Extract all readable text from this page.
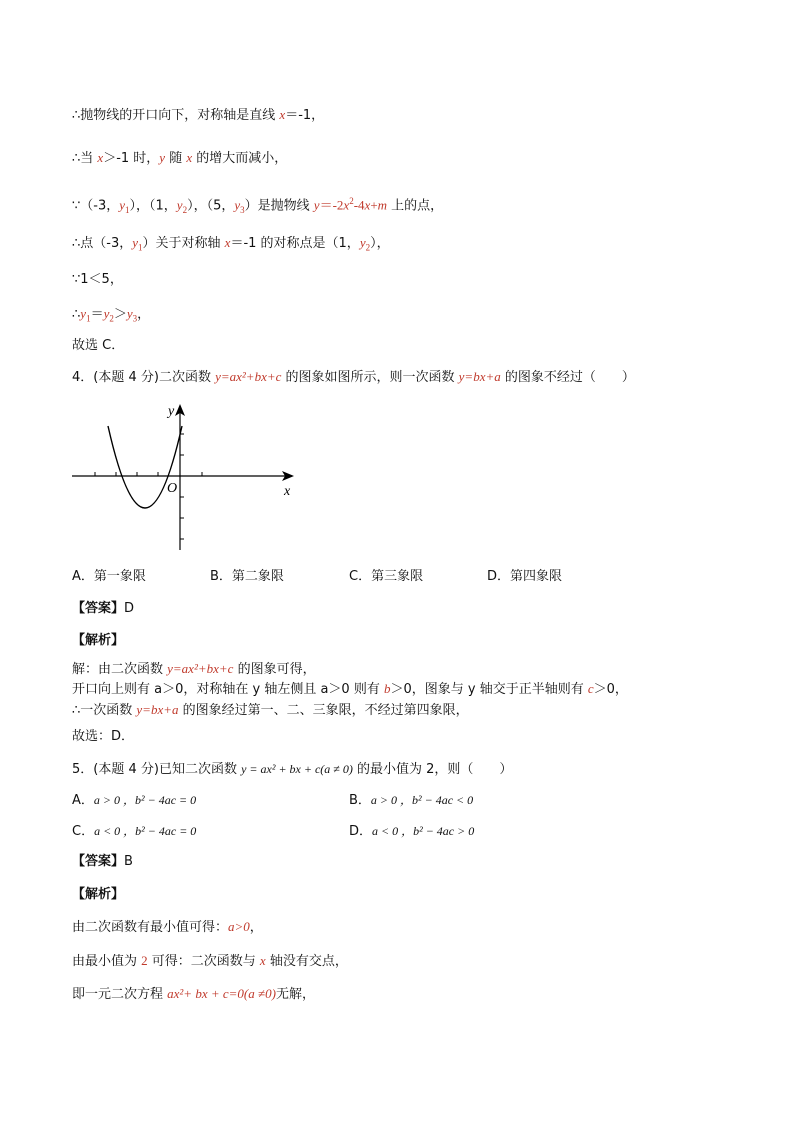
∴抛物线的开口向下，对称轴是直线 x＝-1，
∴当 x＞-1 时，y 随 x 的增大而减小，
∵（-3，$y_1$），（1，$y_2$），（5，$y_3$）是抛物线 $y=-2x^2-4x+m$ 上的点，
∴点（-3，$y_1$）关于对称轴 x＝-1 的对称点是（1，$y_2$），
∵1＜5，
$\therefore y_1=y_2>y_3$，
故选 C．
4．(本题 4 分)二次函数 y=ax²+bx+c 的图象如图所示，则一次函数 y=bx+a 的图象不经过（　　）
O
y
x
A．第一象限	B．第二象限	C．第三象限	D．第四象限
【答案】D
【解析】
解：由二次函数 y=ax²+bx+c 的图象可得，
开口向上则有 a＞0，对称轴在 y 轴左侧且 a＞0 则有 b＞0，图象与 y 轴交于正半轴则有 c＞0，
∴一次函数 y=bx+a 的图象经过第一、二、三象限，不经过第四象限，
故选：D．
5．(本题 4 分)已知二次函数 y = ax² + bx + c(a ≠ 0) 的最小值为 2，则（　　）
A．a > 0 ，b² − 4ac = 0	B．a > 0 ，b² − 4ac < 0
C．a < 0 ，b² − 4ac = 0	D．a < 0 ，b² − 4ac > 0
【答案】B
【解析】
由二次函数有最小值可得：a>0，
由最小值为 2 可得：二次函数与 x 轴没有交点，
即一元二次方程 ax²+ bx + c=0(a ≠0)无解，
